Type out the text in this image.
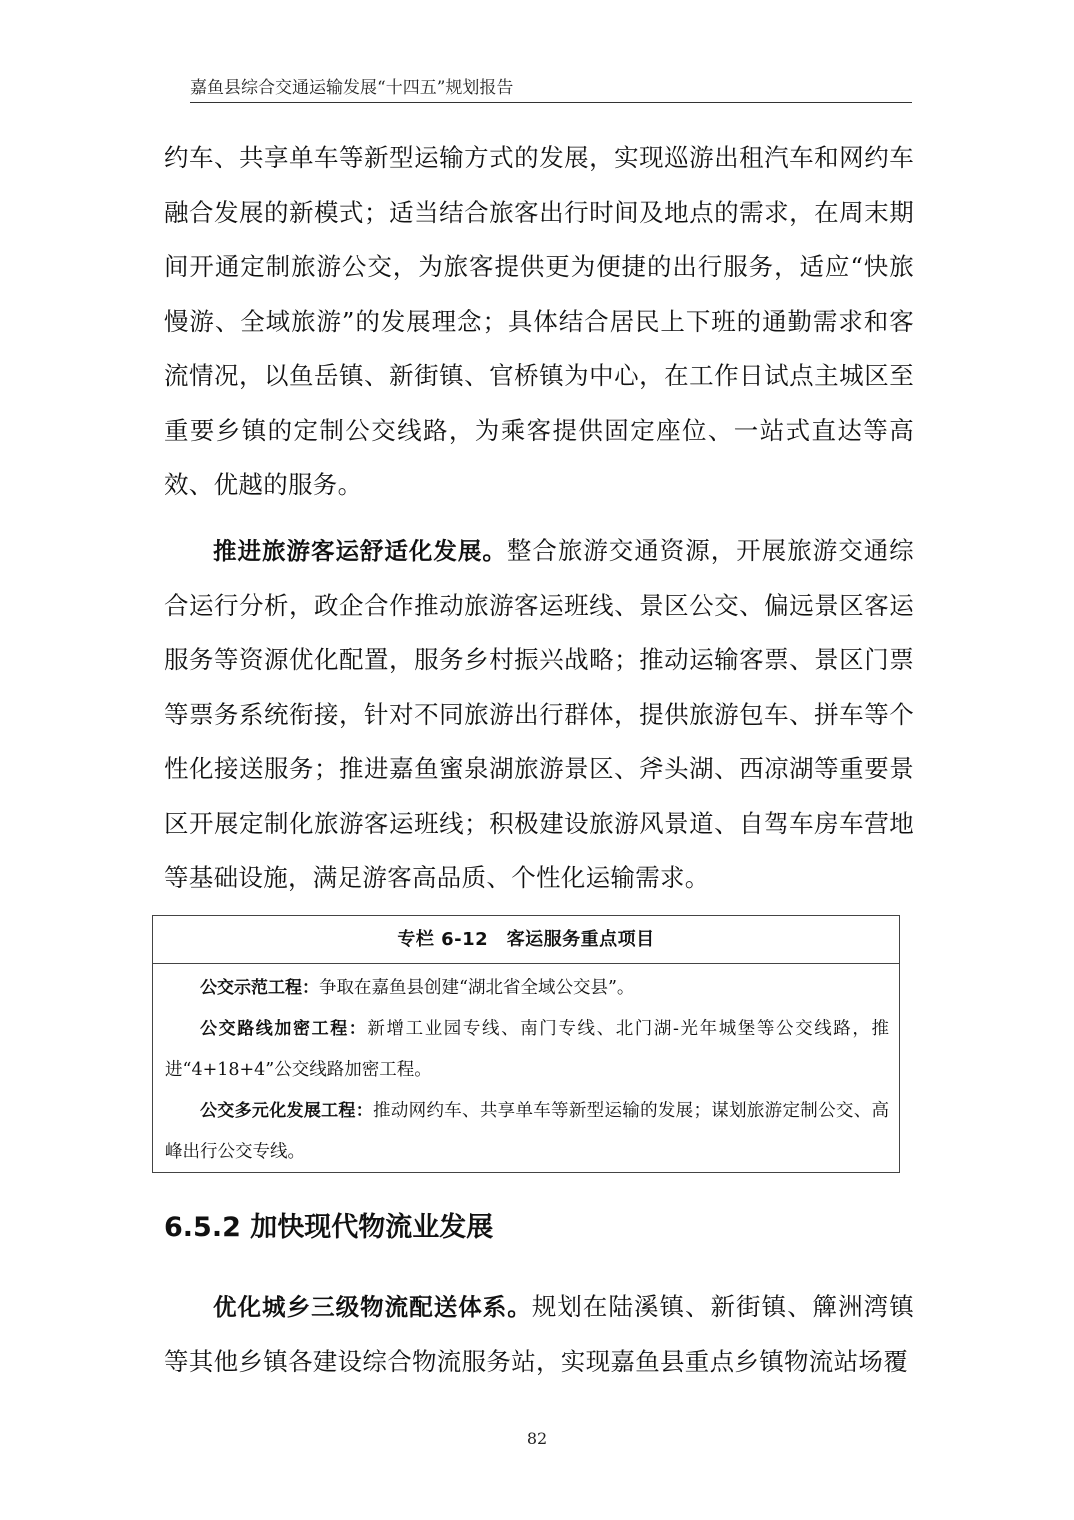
嘉鱼县综合交通运输发展“十四五”规划报告

约车、共享单车等新型运输方式的发展，实现巡游出租汽车和网约车融合发展的新模式；适当结合旅客出行时间及地点的需求，在周末期间开通定制旅游公交，为旅客提供更为便捷的出行服务，适应“快旅慢游、全域旅游”的发展理念；具体结合居民上下班的通勤需求和客流情况，以鱼岳镇、新街镇、官桥镇为中心，在工作日试点主城区至重要乡镇的定制公交线路，为乘客提供固定座位、一站式直达等高效、优越的服务。

推进旅游客运舒适化发展。整合旅游交通资源，开展旅游交通综合运行分析，政企合作推动旅游客运班线、景区公交、偏远景区客运服务等资源优化配置，服务乡村振兴战略；推动运输客票、景区门票等票务系统衔接，针对不同旅游出行群体，提供旅游包车、拼车等个性化接送服务；推进嘉鱼蜜泉湖旅游景区、斧头湖、西凉湖等重要景区开展定制化旅游客运班线；积极建设旅游风景道、自驾车房车营地等基础设施，满足游客高品质、个性化运输需求。

专栏 6-12　客运服务重点项目

公交示范工程：争取在嘉鱼县创建“湖北省全域公交县”。

公交路线加密工程：新增工业园专线、南门专线、北门湖-光年城堡等公交线路，推进“4+18+4”公交线路加密工程。

公交多元化发展工程：推动网约车、共享单车等新型运输的发展；谋划旅游定制公交、高峰出行公交专线。

6.5.2 加快现代物流业发展

优化城乡三级物流配送体系。规划在陆溪镇、新街镇、簰洲湾镇等其他乡镇各建设综合物流服务站，实现嘉鱼县重点乡镇物流站场覆

82
